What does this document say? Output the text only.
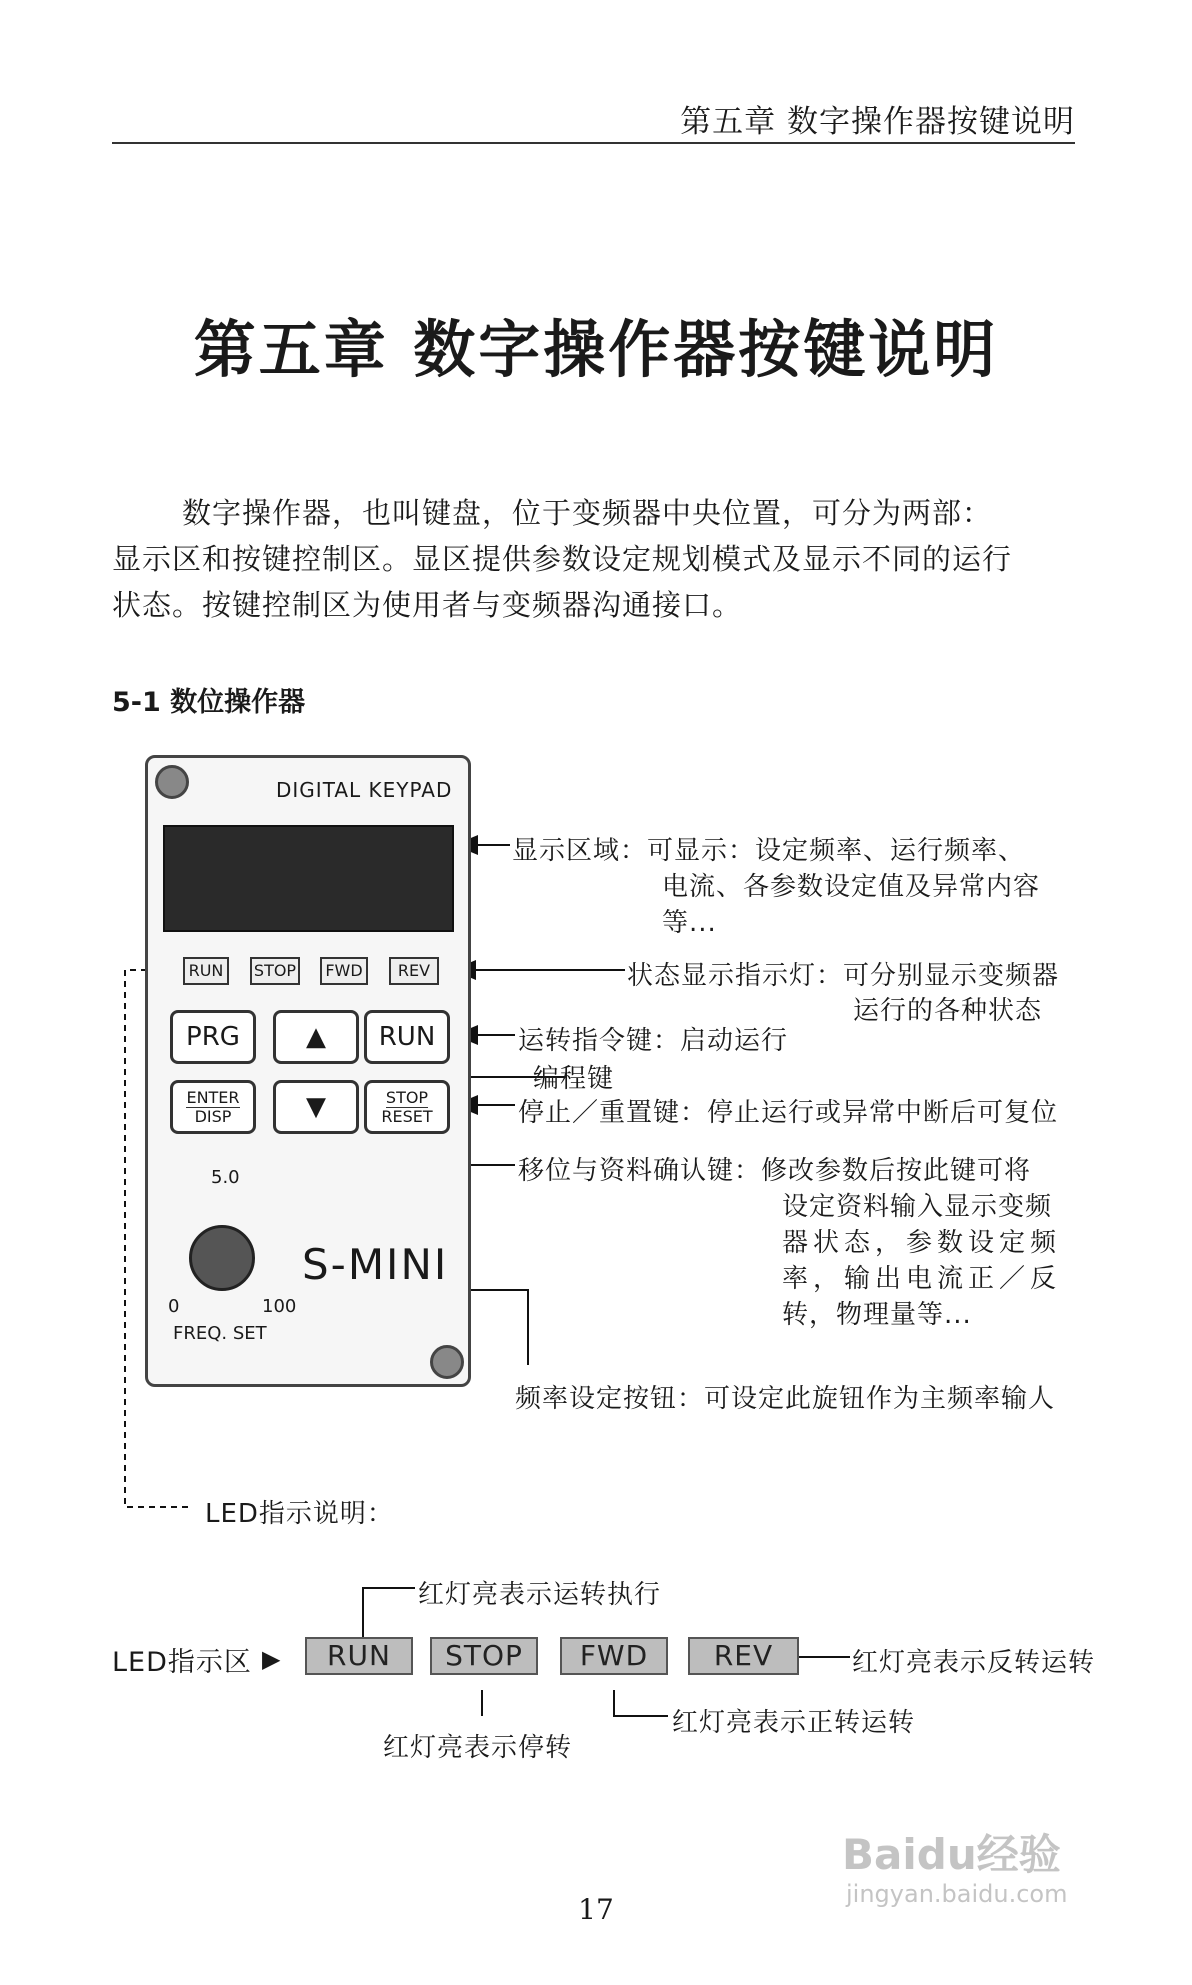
第五章 数字操作器按键说明
第五章 数字操作器按键说明
数字操作器，也叫键盘，位于变频器中央位置，可分为两部：
显示区和按键控制区。显区提供参数设定规划模式及显示不同的运行
状态。按键控制区为使用者与变频器沟通接口。
5-1 数位操作器
DIGITAL KEYPAD
RUN	STOP	FWD	REV
PRG	▲	RUN
ENTER
DISP	▼	STOP
RESET
5.0
0	100
FREQ. SET
S-MINI
显示区域：可显示：设定频率、运行频率、
电流、各参数设定值及异常内容
等...
状态显示指示灯：可分别显示变频器
运行的各种状态
运转指令键：启动运行
编程键
停止／重置键：停止运行或异常中断后可复位
移位与资料确认键：修改参数后按此键可将
设定资料输入显示变频
器状态，参数设定频
率，输出电流正／反
转，物理量等...
频率设定按钮：可设定此旋钮作为主频率输人
LED指示说明：
LED指示区 ▶	RUN	STOP	FWD	REV
红灯亮表示运转执行
红灯亮表示停转
红灯亮表示正转运转
红灯亮表示反转运转
17
Baidu经验
jingyan.baidu.com
